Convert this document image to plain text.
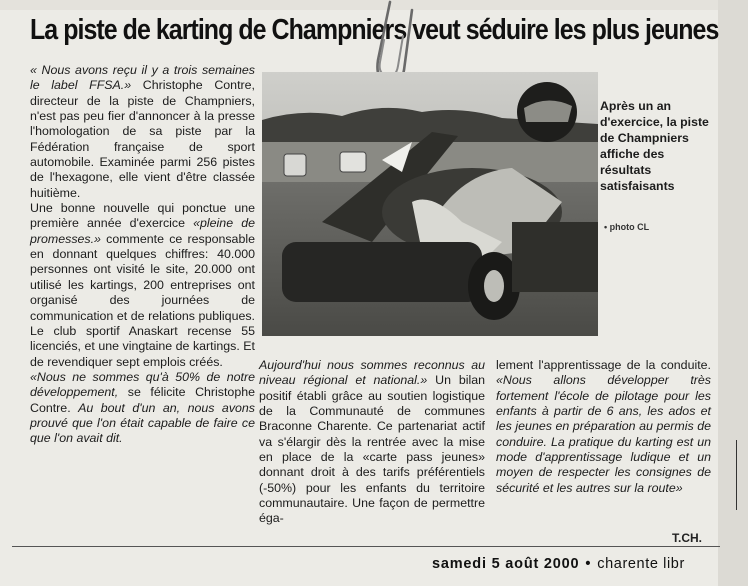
La piste de karting de Champniers veut séduire les plus jeunes

« Nous avons reçu il y a trois semaines le label FFSA.» Christophe Contre, directeur de la piste de Champniers, n'est pas peu fier d'annoncer à la presse l'homologation de sa piste par la Fédération française de sport automobile. Examinée parmi 256 pistes de l'hexagone, elle vient d'être classée huitième.

Une bonne nouvelle qui ponctue une première année d'exercice «pleine de promesses.» commente ce responsable en donnant quelques chiffres: 40.000 personnes ont visité le site, 20.000 ont utilisé les kartings, 200 entreprises ont organisé des journées de communication et de relations publiques. Le club sportif Anaskart recense 55 licenciés, et une vingtaine de kartings. Et de revendiquer sept emplois créés.

«Nous ne sommes qu'à 50% de notre développement, se félicite Christophe Contre. Au bout d'un an, nous avons prouvé que l'on était capable de faire ce que l'on avait dit.

Après un an d'exercice, la piste de Champniers affiche des résultats satisfaisants
• photo CL

Aujourd'hui nous sommes reconnus au niveau régional et national.» Un bilan positif établi grâce au soutien logistique de la Communauté de communes Braconne Charente. Ce partenariat actif va s'élargir dès la rentrée avec la mise en place de la «carte pass jeunes» donnant droit à des tarifs préférentiels (-50%) pour les enfants du territoire communautaire. Une façon de permettre éga-

lement l'apprentissage de la conduite. «Nous allons développer très fortement l'école de pilotage pour les enfants à partir de 6 ans, les ados et les jeunes en préparation au permis de conduire. La pratique du karting est un mode d'apprentissage ludique et un moyen de respecter les consignes de sécurité et les autres sur la route»

T.CH.
samedi 5 août 2000 • charente libr
